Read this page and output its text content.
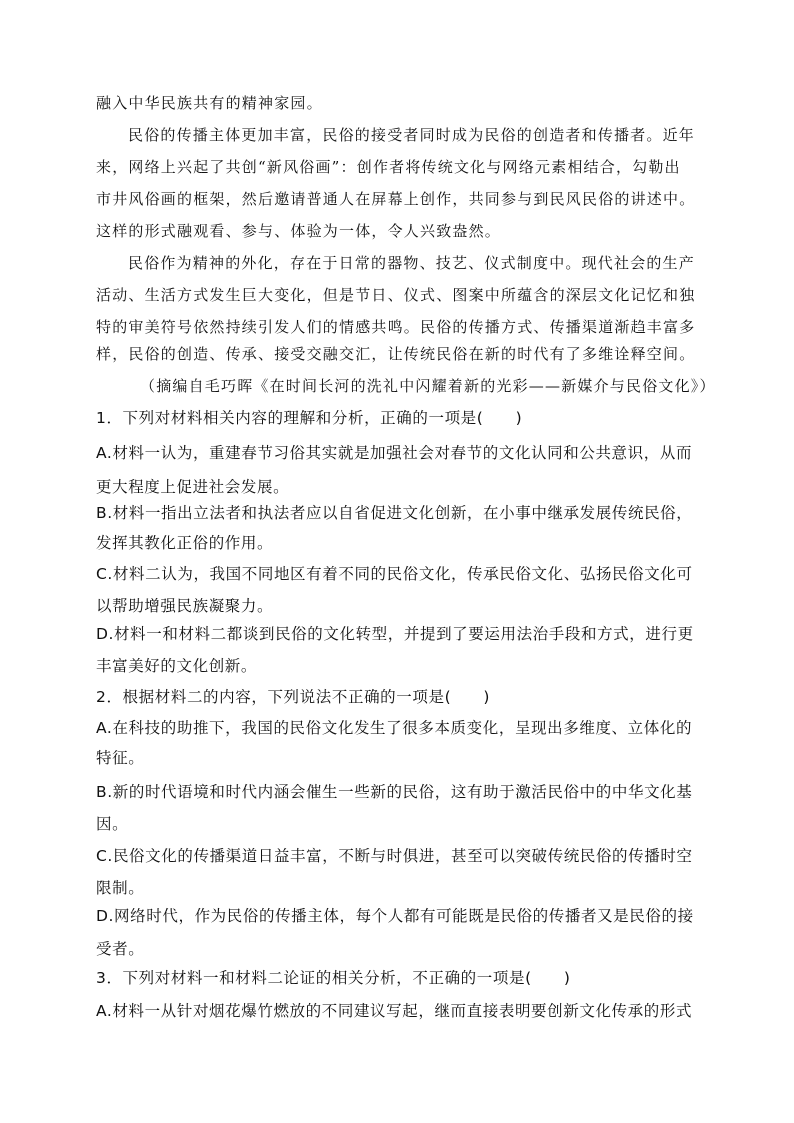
融入中华民族共有的精神家园。
民俗的传播主体更加丰富，民俗的接受者同时成为民俗的创造者和传播者。近年
来，网络上兴起了共创“新风俗画”：创作者将传统文化与网络元素相结合，勾勒出
市井风俗画的框架，然后邀请普通人在屏幕上创作，共同参与到民风民俗的讲述中。
这样的形式融观看、参与、体验为一体，令人兴致盎然。
民俗作为精神的外化，存在于日常的器物、技艺、仪式制度中。现代社会的生产
活动、生活方式发生巨大变化，但是节日、仪式、图案中所蕴含的深层文化记忆和独
特的审美符号依然持续引发人们的情感共鸣。民俗的传播方式、传播渠道渐趋丰富多
样，民俗的创造、传承、接受交融交汇，让传统民俗在新的时代有了多维诠释空间。
（摘编自毛巧晖《在时间长河的洗礼中闪耀着新的光彩——新媒介与民俗文化》）
1．下列对材料相关内容的理解和分析，正确的一项是(　　)
A.材料一认为，重建春节习俗其实就是加强社会对春节的文化认同和公共意识，从而
更大程度上促进社会发展。
B.材料一指出立法者和执法者应以自省促进文化创新，在小事中继承发展传统民俗，
发挥其教化正俗的作用。
C.材料二认为，我国不同地区有着不同的民俗文化，传承民俗文化、弘扬民俗文化可
以帮助增强民族凝聚力。
D.材料一和材料二都谈到民俗的文化转型，并提到了要运用法治手段和方式，进行更
丰富美好的文化创新。
2．根据材料二的内容，下列说法不正确的一项是(　　)
A.在科技的助推下，我国的民俗文化发生了很多本质变化，呈现出多维度、立体化的
特征。
B.新的时代语境和时代内涵会催生一些新的民俗，这有助于激活民俗中的中华文化基
因。
C.民俗文化的传播渠道日益丰富，不断与时俱进，甚至可以突破传统民俗的传播时空
限制。
D.网络时代，作为民俗的传播主体，每个人都有可能既是民俗的传播者又是民俗的接
受者。
3．下列对材料一和材料二论证的相关分析，不正确的一项是(　　)
A.材料一从针对烟花爆竹燃放的不同建议写起，继而直接表明要创新文化传承的形式
